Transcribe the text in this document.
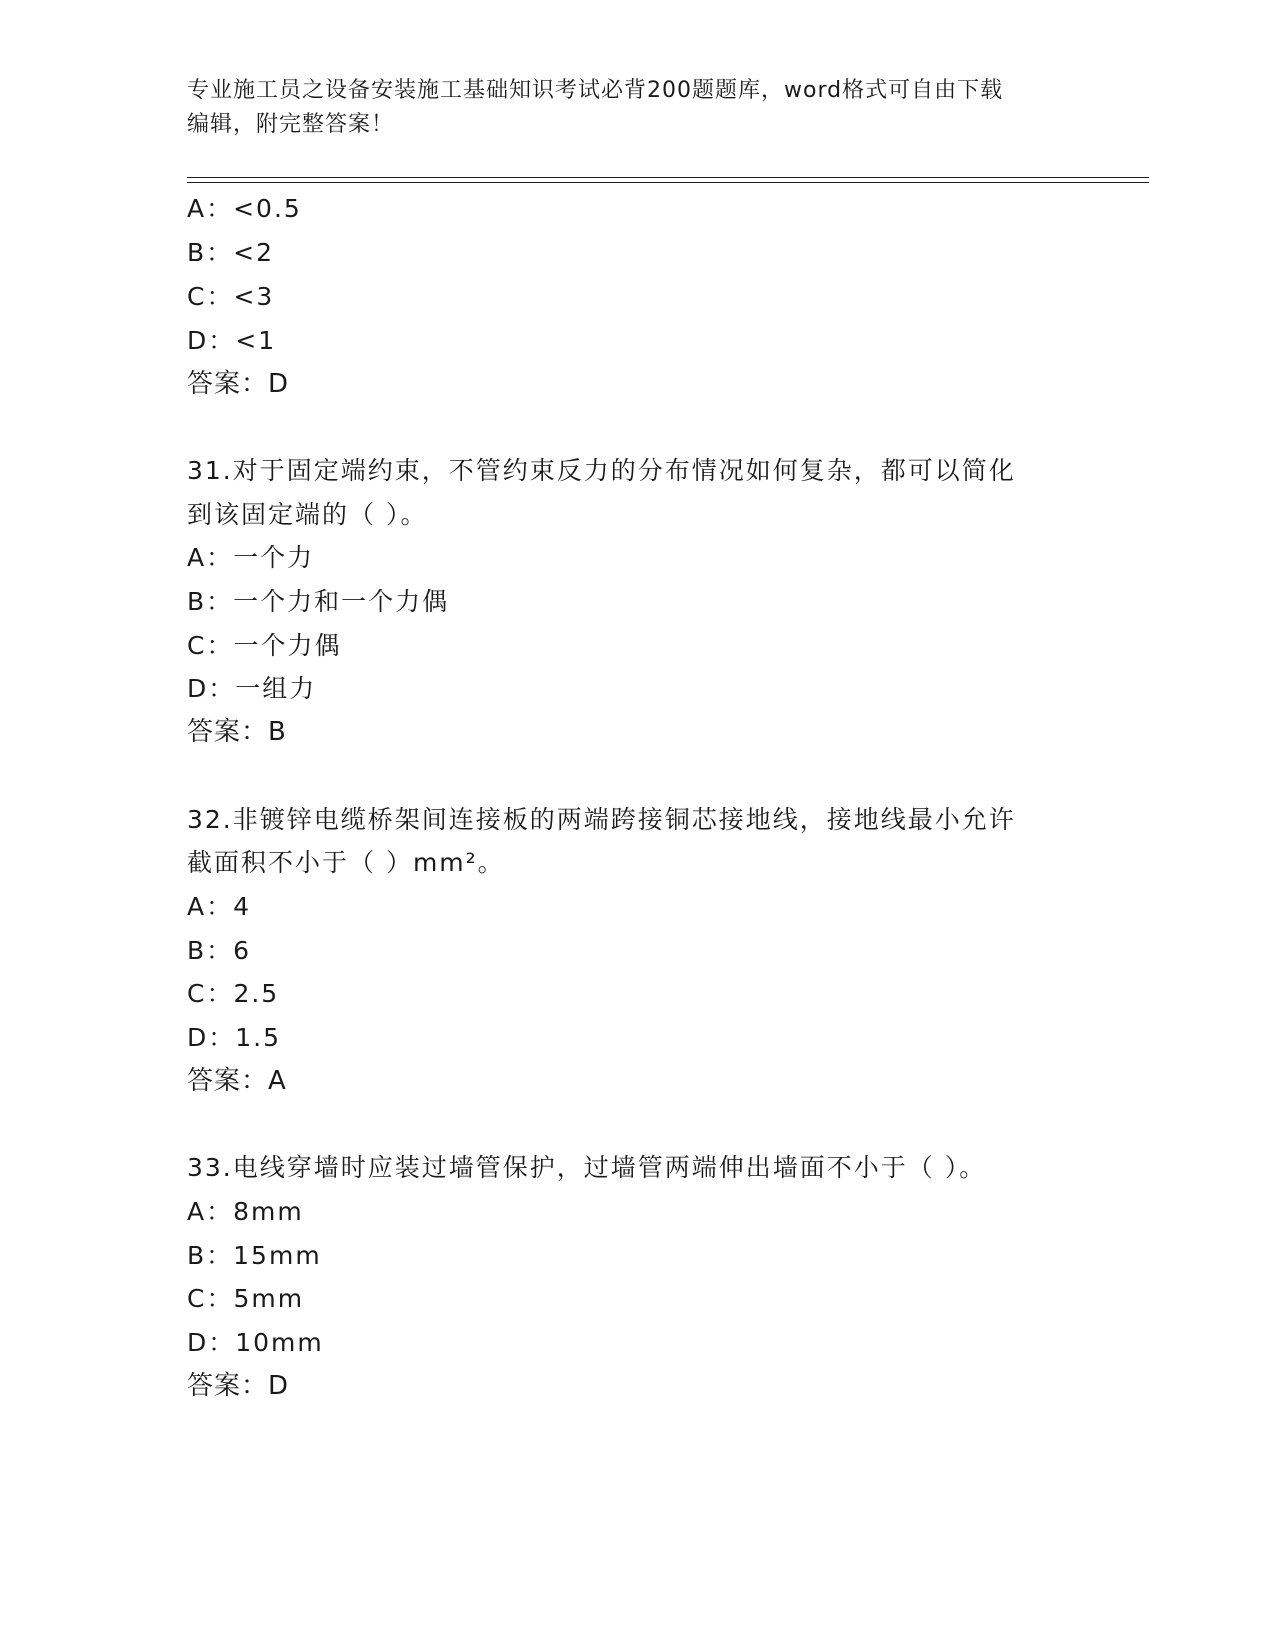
专业施工员之设备安装施工基础知识考试必背200题题库，word格式可自由下载
编辑，附完整答案！
A：<0.5
B：<2
C：<3
D：<1
答案：D
31.对于固定端约束，不管约束反力的分布情况如何复杂，都可以简化
到该固定端的（ ）。
A：一个力
B：一个力和一个力偶
C：一个力偶
D：一组力
答案：B
32.非镀锌电缆桥架间连接板的两端跨接铜芯接地线，接地线最小允许
截面积不小于（ ）mm²。
A：4
B：6
C：2.5
D：1.5
答案：A
33.电线穿墙时应装过墙管保护，过墙管两端伸出墙面不小于（ ）。
A：8mm
B：15mm
C：5mm
D：10mm
答案：D
